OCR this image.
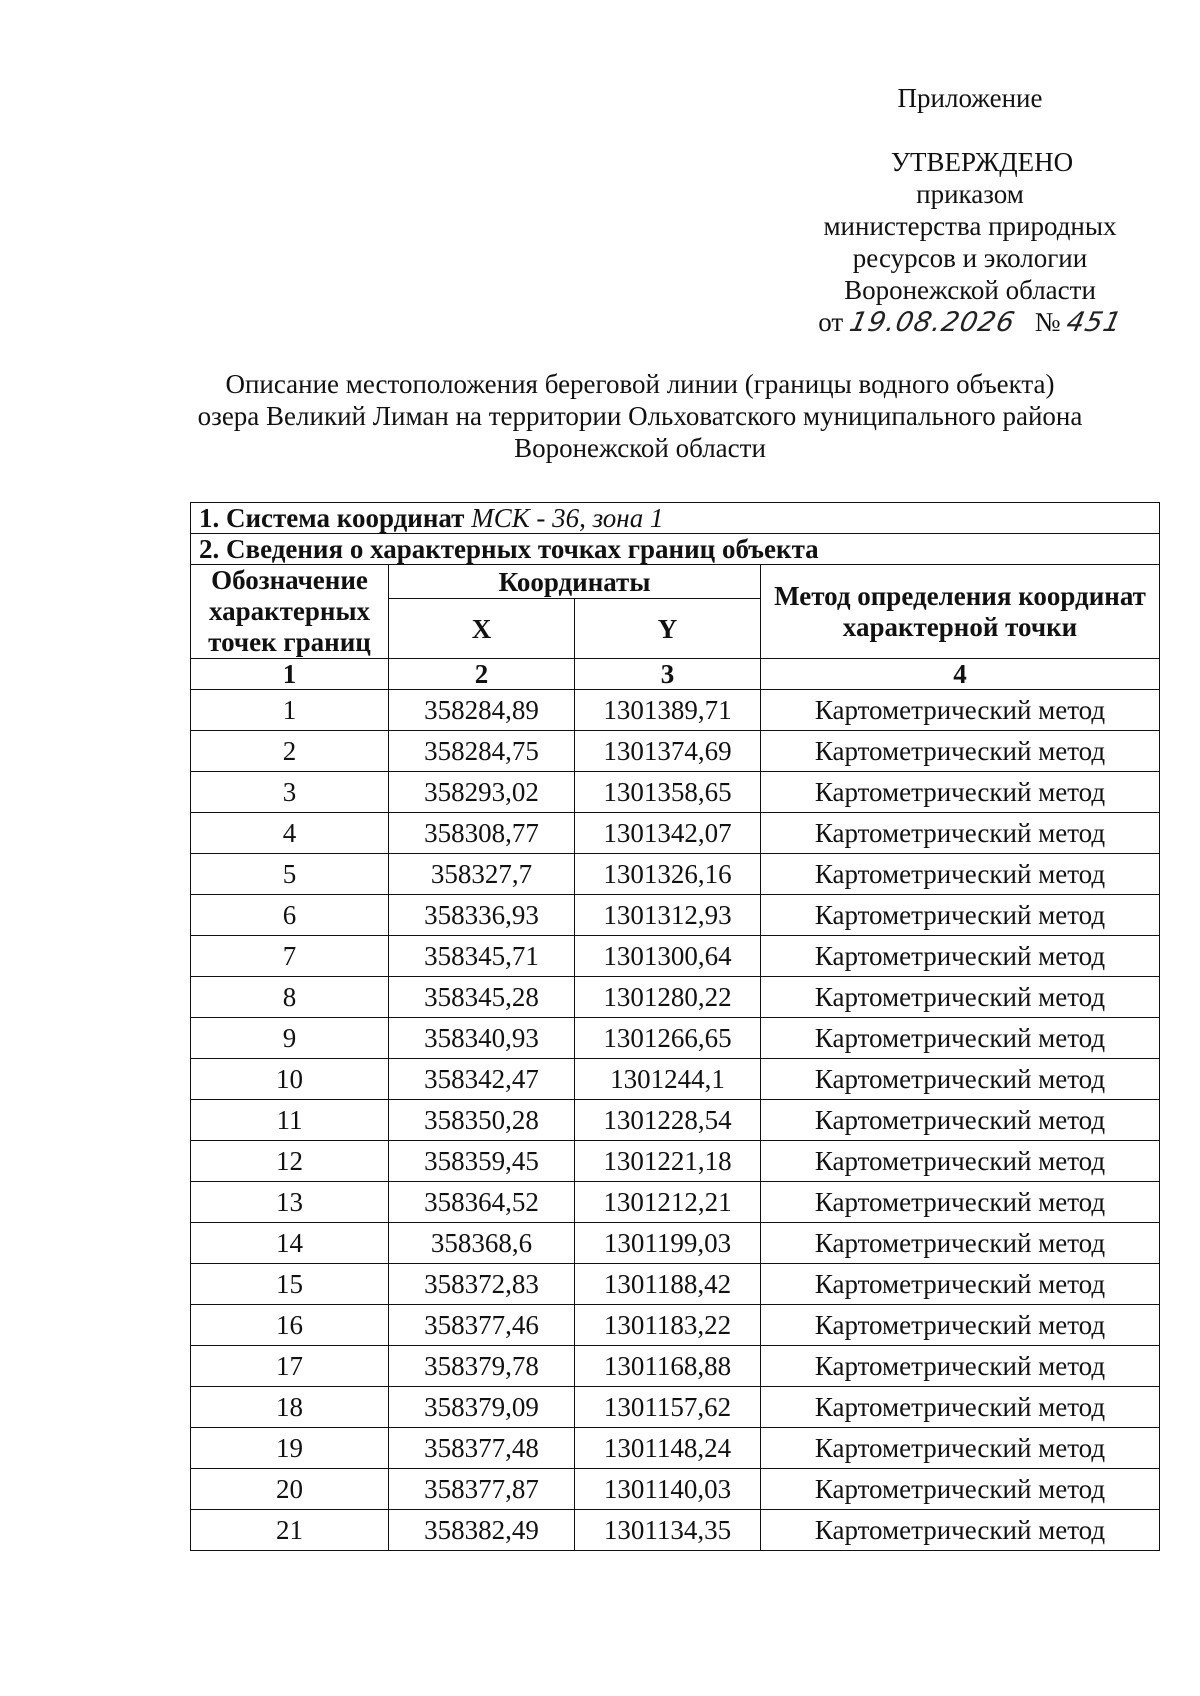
Приложение
УТВЕРЖДЕНО
приказом
министерства природных
ресурсов и экологии
Воронежской области
от 19.08.2026 № 451
Описание местоположения береговой линии (границы водного объекта)
озера Великий Лиман на территории Ольховатского муниципального района
Воронежской области
1. Система координат МСК - 36, зона 1			
2. Сведения о характерных точках границ объекта			
Обозначение характерных точек границ	Координаты		Метод определения координат характерной точки
	X	Y	
1	2	3	4
1	358284,89	1301389,71	Картометрический метод
2	358284,75	1301374,69	Картометрический метод
3	358293,02	1301358,65	Картометрический метод
4	358308,77	1301342,07	Картометрический метод
5	358327,7	1301326,16	Картометрический метод
6	358336,93	1301312,93	Картометрический метод
7	358345,71	1301300,64	Картометрический метод
8	358345,28	1301280,22	Картометрический метод
9	358340,93	1301266,65	Картометрический метод
10	358342,47	1301244,1	Картометрический метод
11	358350,28	1301228,54	Картометрический метод
12	358359,45	1301221,18	Картометрический метод
13	358364,52	1301212,21	Картометрический метод
14	358368,6	1301199,03	Картометрический метод
15	358372,83	1301188,42	Картометрический метод
16	358377,46	1301183,22	Картометрический метод
17	358379,78	1301168,88	Картометрический метод
18	358379,09	1301157,62	Картометрический метод
19	358377,48	1301148,24	Картометрический метод
20	358377,87	1301140,03	Картометрический метод
21	358382,49	1301134,35	Картометрический метод
